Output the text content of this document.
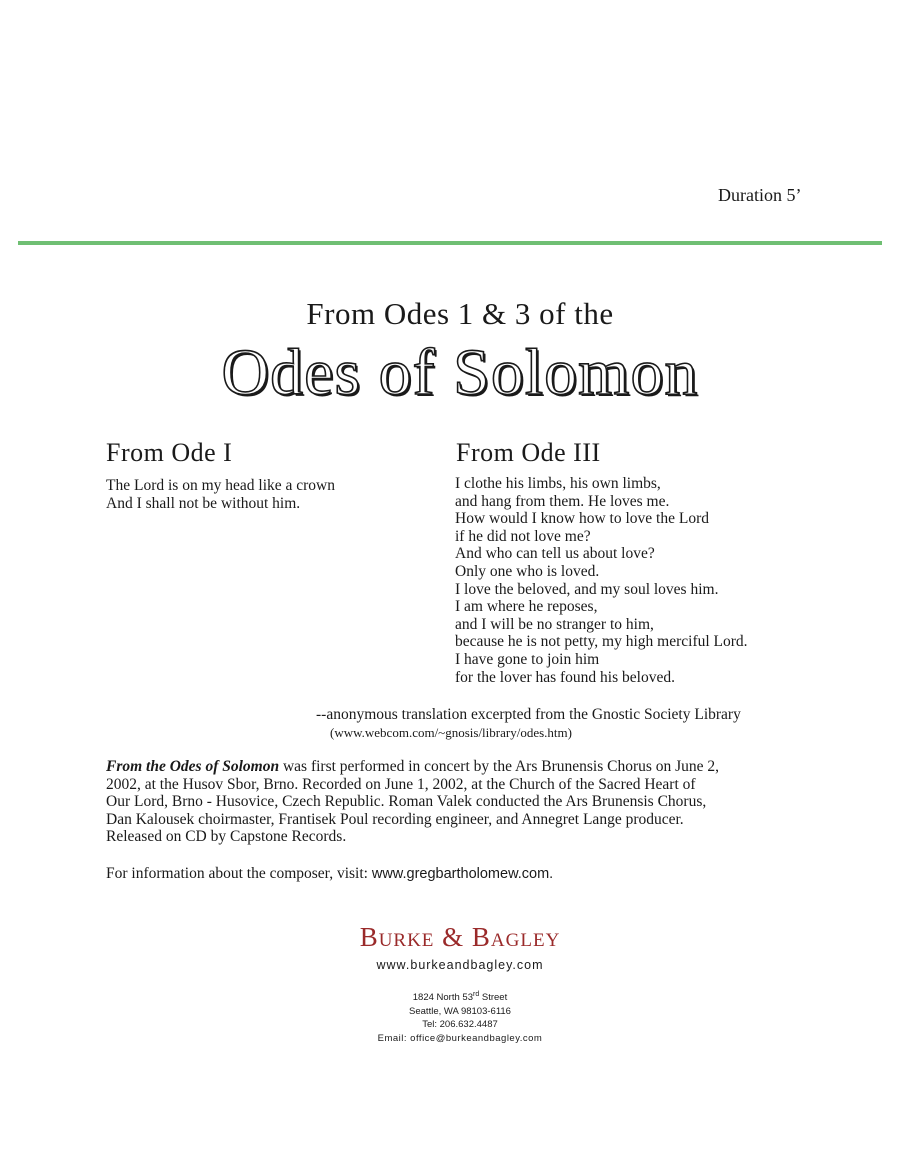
Duration 5’
From Odes 1 & 3 of the
Odes of Solomon
From Ode I	From Ode III
The Lord is on my head like a crown
And I shall not be without him.
I clothe his limbs, his own limbs,
and hang from them. He loves me.
How would I know how to love the Lord
if he did not love me?
And who can tell us about love?
Only one who is loved.
I love the beloved, and my soul loves him.
I am where he reposes,
and I will be no stranger to him,
because he is not petty, my high merciful Lord.
I have gone to join him
for the lover has found his beloved.
--anonymous translation excerpted from the Gnostic Society Library
(www.webcom.com/~gnosis/library/odes.htm)
From the Odes of Solomon was first performed in concert by the Ars Brunensis Chorus on June 2,
2002, at the Husov Sbor, Brno. Recorded on June 1, 2002, at the Church of the Sacred Heart of
Our Lord, Brno - Husovice, Czech Republic. Roman Valek conducted the Ars Brunensis Chorus,
Dan Kalousek choirmaster, Frantisek Poul recording engineer, and Annegret Lange producer.
Released on CD by Capstone Records.
For information about the composer, visit: www.gregbartholomew.com.
Burke & Bagley
www.burkeandbagley.com
1824 North 53rd Street
Seattle, WA 98103-6116
Tel: 206.632.4487
Email: office@burkeandbagley.com
